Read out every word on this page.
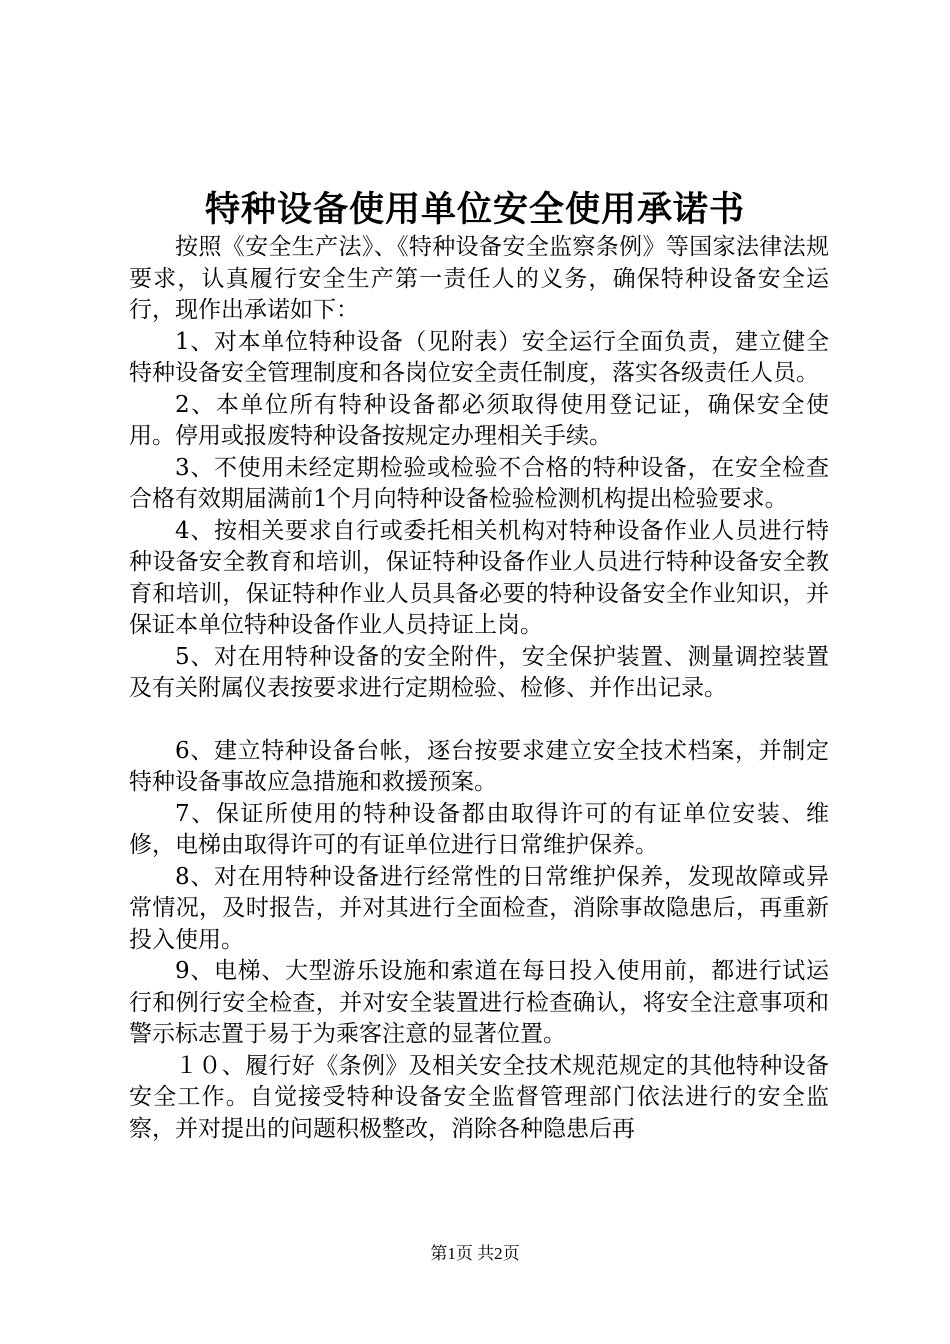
特种设备使用单位安全使用承诺书

按照《安全生产法》、《特种设备安全监察条例》等国家法律法规要求，认真履行安全生产第一责任人的义务，确保特种设备安全运行，现作出承诺如下：

1、对本单位特种设备（见附表）安全运行全面负责，建立健全特种设备安全管理制度和各岗位安全责任制度，落实各级责任人员。

2、本单位所有特种设备都必须取得使用登记证，确保安全使用。停用或报废特种设备按规定办理相关手续。

3、不使用未经定期检验或检验不合格的特种设备，在安全检查合格有效期届满前1个月向特种设备检验检测机构提出检验要求。

4、按相关要求自行或委托相关机构对特种设备作业人员进行特种设备安全教育和培训，保证特种设备作业人员进行特种设备安全教育和培训，保证特种作业人员具备必要的特种设备安全作业知识，并保证本单位特种设备作业人员持证上岗。

5、对在用特种设备的安全附件，安全保护装置、测量调控装置及有关附属仪表按要求进行定期检验、检修、并作出记录。

6、建立特种设备台帐，逐台按要求建立安全技术档案，并制定特种设备事故应急措施和救援预案。

7、保证所使用的特种设备都由取得许可的有证单位安装、维修，电梯由取得许可的有证单位进行日常维护保养。

8、对在用特种设备进行经常性的日常维护保养，发现故障或异常情况，及时报告，并对其进行全面检查，消除事故隐患后，再重新投入使用。

9、电梯、大型游乐设施和索道在每日投入使用前，都进行试运行和例行安全检查，并对安全装置进行检查确认，将安全注意事项和警示标志置于易于为乘客注意的显著位置。

１０、履行好《条例》及相关安全技术规范规定的其他特种设备安全工作。自觉接受特种设备安全监督管理部门依法进行的安全监察，并对提出的问题积极整改，消除各种隐患后再

第1页 共2页
